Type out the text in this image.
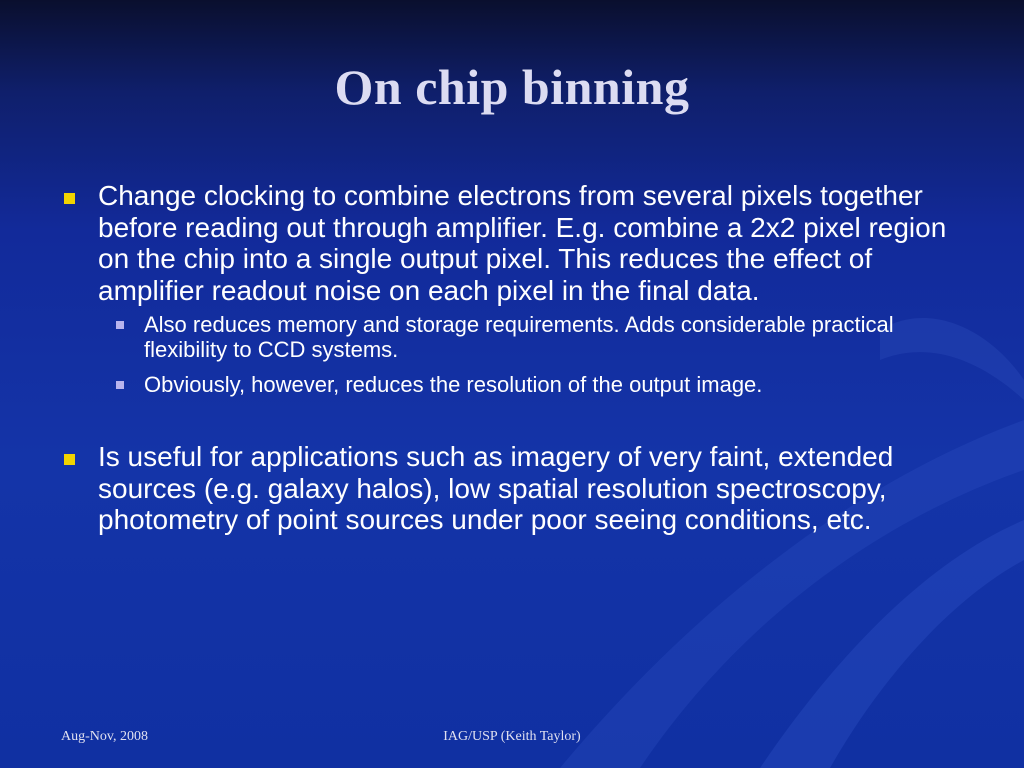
On chip binning
Change clocking to combine electrons from several pixels together before reading out through amplifier. E.g. combine a 2x2 pixel region on the chip into a single output pixel. This reduces the effect of amplifier readout noise on each pixel in the final data.
Also reduces memory and storage requirements. Adds considerable practical flexibility to CCD systems.
Obviously, however, reduces the resolution of the output image.
Is useful for applications such as imagery of very faint, extended sources (e.g. galaxy halos), low spatial resolution spectroscopy, photometry of point sources under poor seeing conditions, etc.
Aug-Nov, 2008	IAG/USP (Keith Taylor)
